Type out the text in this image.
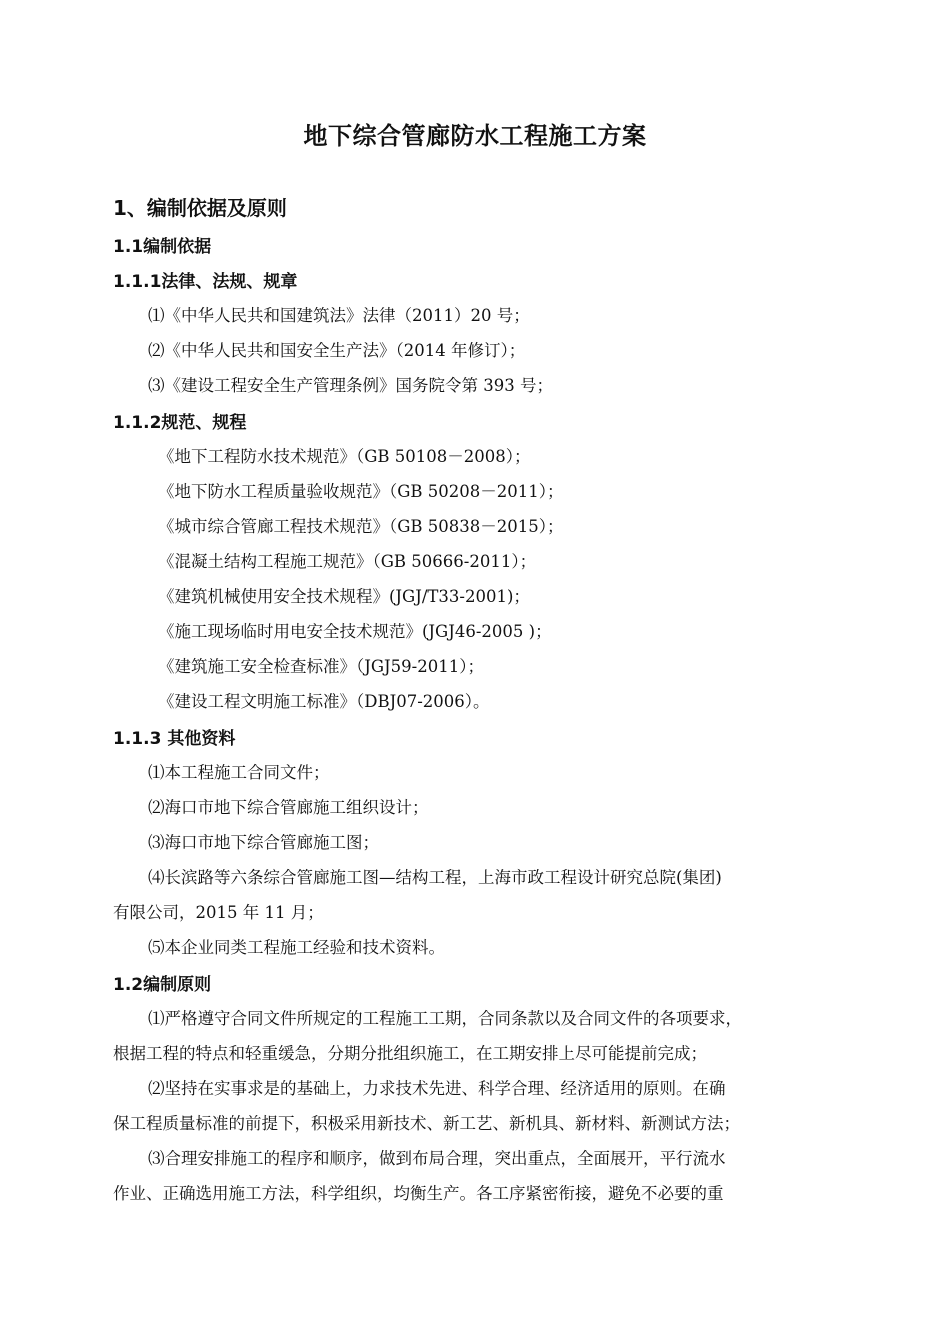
地下综合管廊防水工程施工方案
1、编制依据及原则
1.1编制依据
1.1.1法律、法规、规章
⑴《中华人民共和国建筑法》法律（2011）20 号；
⑵《中华人民共和国安全生产法》（2014 年修订）；
⑶《建设工程安全生产管理条例》国务院令第 393 号；
1.1.2规范、规程
《地下工程防水技术规范》（GB 50108－2008）；
《地下防水工程质量验收规范》（GB 50208－2011）；
《城市综合管廊工程技术规范》（GB 50838－2015）；
《混凝土结构工程施工规范》（GB 50666-2011）；
《建筑机械使用安全技术规程》(JGJ/T33-2001)；
《施工现场临时用电安全技术规范》(JGJ46-2005 )；
《建筑施工安全检查标准》（JGJ59-2011）；
《建设工程文明施工标准》（DBJ07-2006）。
1.1.3 其他资料
⑴本工程施工合同文件；
⑵海口市地下综合管廊施工组织设计；
⑶海口市地下综合管廊施工图；
⑷长滨路等六条综合管廊施工图—结构工程，上海市政工程设计研究总院(集团)
有限公司，2015 年 11 月；
⑸本企业同类工程施工经验和技术资料。
1.2编制原则
⑴严格遵守合同文件所规定的工程施工工期，合同条款以及合同文件的各项要求，
根据工程的特点和轻重缓急，分期分批组织施工，在工期安排上尽可能提前完成；
⑵坚持在实事求是的基础上，力求技术先进、科学合理、经济适用的原则。在确
保工程质量标准的前提下，积极采用新技术、新工艺、新机具、新材料、新测试方法；
⑶合理安排施工的程序和顺序，做到布局合理，突出重点，全面展开，平行流水
作业、正确选用施工方法，科学组织，均衡生产。各工序紧密衔接，避免不必要的重
